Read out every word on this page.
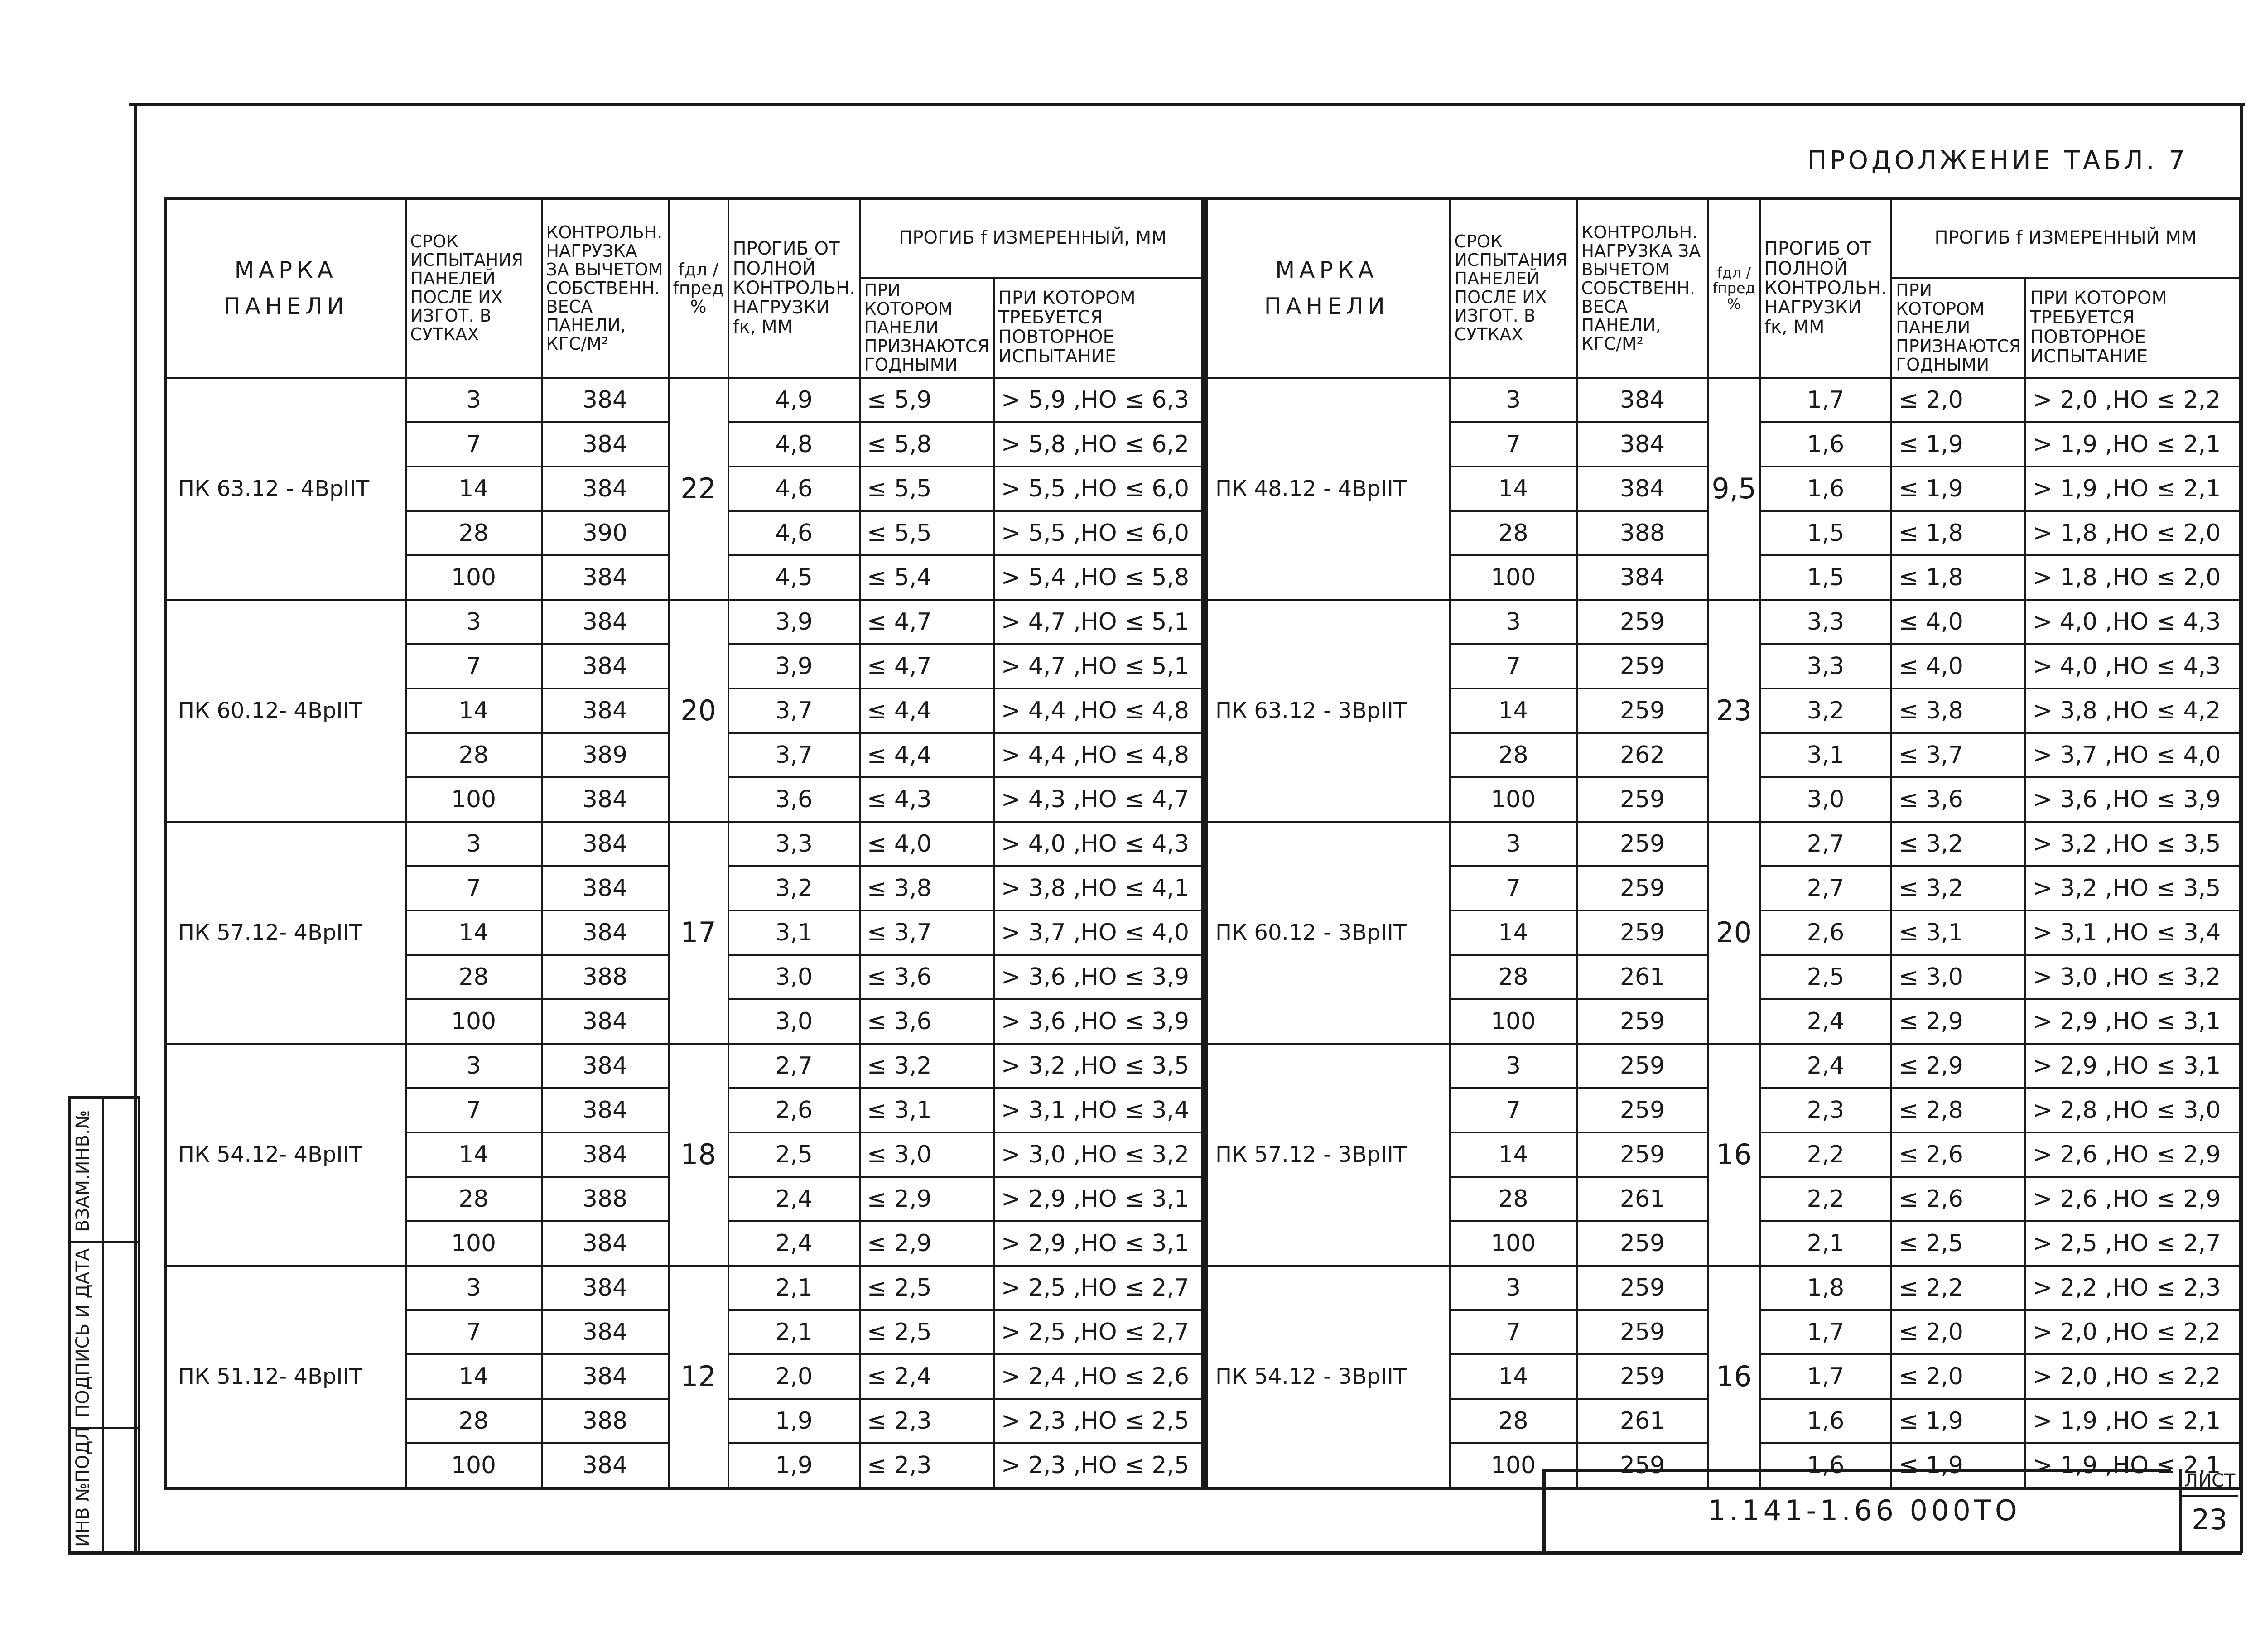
ПРОДОЛЖЕНИЕ ТАБЛ. 7
МАРКА ПАНЕЛИ	СРОК ИСПЫТАНИЯ ПАНЕЛЕЙ ПОСЛЕ ИХ ИЗГОТ. В СУТКАХ	КОНТРОЛЬН. НАГРУЗКА ЗА ВЫЧЕТОМ СОБСТВЕНН. ВЕСА ПАНЕЛИ, КГС/М²	fдл / fпред %	ПРОГИБ ОТ ПОЛНОЙ КОНТРОЛЬН. НАГРУЗКИ fк, ММ	ПРОГИБ f ИЗМЕРЕННЫЙ, ММ	
					ПРИ КОТОРОМ ПАНЕЛИ ПРИЗНАЮТСЯ ГОДНЫМИ	ПРИ КОТОРОМ ТРЕБУЕТСЯ ПОВТОРНОЕ ИСПЫТАНИЕ
ПК 63.12 - 4ВрIIТ	3	384	22	4,9	≤ 5,9	> 5,9 ,НО ≤ 6,3
	7	384		4,8	≤ 5,8	> 5,8 ,НО ≤ 6,2
	14	384		4,6	≤ 5,5	> 5,5 ,НО ≤ 6,0
	28	390		4,6	≤ 5,5	> 5,5 ,НО ≤ 6,0
	100	384		4,5	≤ 5,4	> 5,4 ,НО ≤ 5,8
ПК 60.12- 4ВрIIТ	3	384	20	3,9	≤ 4,7	> 4,7 ,НО ≤ 5,1
	7	384		3,9	≤ 4,7	> 4,7 ,НО ≤ 5,1
	14	384		3,7	≤ 4,4	> 4,4 ,НО ≤ 4,8
	28	389		3,7	≤ 4,4	> 4,4 ,НО ≤ 4,8
	100	384		3,6	≤ 4,3	> 4,3 ,НО ≤ 4,7
ПК 57.12- 4ВрIIТ	3	384	17	3,3	≤ 4,0	> 4,0 ,НО ≤ 4,3
	7	384		3,2	≤ 3,8	> 3,8 ,НО ≤ 4,1
	14	384		3,1	≤ 3,7	> 3,7 ,НО ≤ 4,0
	28	388		3,0	≤ 3,6	> 3,6 ,НО ≤ 3,9
	100	384		3,0	≤ 3,6	> 3,6 ,НО ≤ 3,9
ПК 54.12- 4ВрIIТ	3	384	18	2,7	≤ 3,2	> 3,2 ,НО ≤ 3,5
	7	384		2,6	≤ 3,1	> 3,1 ,НО ≤ 3,4
	14	384		2,5	≤ 3,0	> 3,0 ,НО ≤ 3,2
	28	388		2,4	≤ 2,9	> 2,9 ,НО ≤ 3,1
	100	384		2,4	≤ 2,9	> 2,9 ,НО ≤ 3,1
ПК 51.12- 4ВрIIТ	3	384	12	2,1	≤ 2,5	> 2,5 ,НО ≤ 2,7
	7	384		2,1	≤ 2,5	> 2,5 ,НО ≤ 2,7
	14	384		2,0	≤ 2,4	> 2,4 ,НО ≤ 2,6
	28	388		1,9	≤ 2,3	> 2,3 ,НО ≤ 2,5
	100	384		1,9	≤ 2,3	> 2,3 ,НО ≤ 2,5
МАРКА ПАНЕЛИ	СРОК ИСПЫТАНИЯ ПАНЕЛЕЙ ПОСЛЕ ИХ ИЗГОТ. В СУТКАХ	КОНТРОЛЬН. НАГРУЗКА ЗА ВЫЧЕТОМ СОБСТВЕНН. ВЕСА ПАНЕЛИ, КГС/М²	fдл / fпред %	ПРОГИБ ОТ ПОЛНОЙ КОНТРОЛЬН. НАГРУЗКИ fк, ММ	ПРОГИБ f ИЗМЕРЕННЫЙ ММ	
					ПРИ КОТОРОМ ПАНЕЛИ ПРИЗНАЮТСЯ ГОДНЫМИ	ПРИ КОТОРОМ ТРЕБУЕТСЯ ПОВТОРНОЕ ИСПЫТАНИЕ
ПК 48.12 - 4ВрIIТ	3	384	9,5	1,7	≤ 2,0	> 2,0 ,НО ≤ 2,2
	7	384		1,6	≤ 1,9	> 1,9 ,НО ≤ 2,1
	14	384		1,6	≤ 1,9	> 1,9 ,НО ≤ 2,1
	28	388		1,5	≤ 1,8	> 1,8 ,НО ≤ 2,0
	100	384		1,5	≤ 1,8	> 1,8 ,НО ≤ 2,0
ПК 63.12 - 3ВрIIТ	3	259	23	3,3	≤ 4,0	> 4,0 ,НО ≤ 4,3
	7	259		3,3	≤ 4,0	> 4,0 ,НО ≤ 4,3
	14	259		3,2	≤ 3,8	> 3,8 ,НО ≤ 4,2
	28	262		3,1	≤ 3,7	> 3,7 ,НО ≤ 4,0
	100	259		3,0	≤ 3,6	> 3,6 ,НО ≤ 3,9
ПК 60.12 - 3ВрIIТ	3	259	20	2,7	≤ 3,2	> 3,2 ,НО ≤ 3,5
	7	259		2,7	≤ 3,2	> 3,2 ,НО ≤ 3,5
	14	259		2,6	≤ 3,1	> 3,1 ,НО ≤ 3,4
	28	261		2,5	≤ 3,0	> 3,0 ,НО ≤ 3,2
	100	259		2,4	≤ 2,9	> 2,9 ,НО ≤ 3,1
ПК 57.12 - 3ВрIIТ	3	259	16	2,4	≤ 2,9	> 2,9 ,НО ≤ 3,1
	7	259		2,3	≤ 2,8	> 2,8 ,НО ≤ 3,0
	14	259		2,2	≤ 2,6	> 2,6 ,НО ≤ 2,9
	28	261		2,2	≤ 2,6	> 2,6 ,НО ≤ 2,9
	100	259		2,1	≤ 2,5	> 2,5 ,НО ≤ 2,7
ПК 54.12 - 3ВрIIТ	3	259	16	1,8	≤ 2,2	> 2,2 ,НО ≤ 2,3
	7	259		1,7	≤ 2,0	> 2,0 ,НО ≤ 2,2
	14	259		1,7	≤ 2,0	> 2,0 ,НО ≤ 2,2
	28	261		1,6	≤ 1,9	> 1,9 ,НО ≤ 2,1
	100	259		1,6	≤ 1,9	> 1,9 ,НО ≤ 2,1
1.141-1.66 000ТО
ЛИСТ
23
ВЗАМ.ИНВ.№
ПОДПИСЬ И ДАТА
ИНВ №ПОДЛ
